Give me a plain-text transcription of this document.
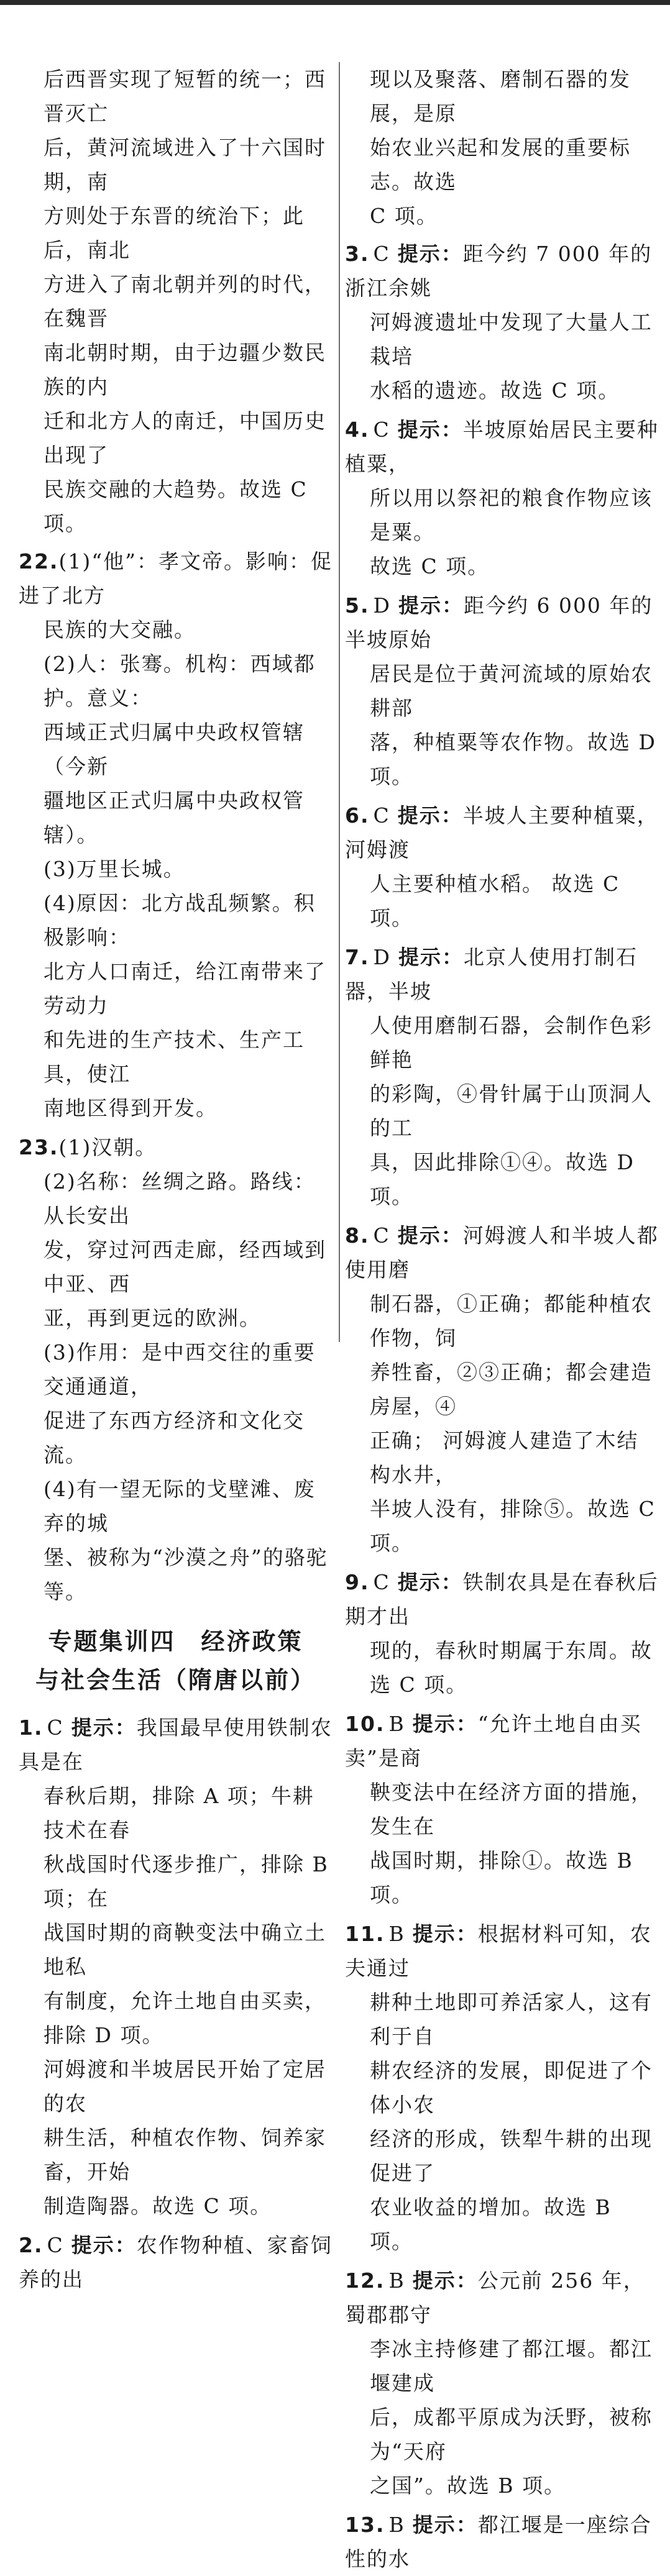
后西晋实现了短暂的统一；西晋灭亡
后，黄河流域进入了十六国时期，南
方则处于东晋的统治下；此后，南北
方进入了南北朝并列的时代，在魏晋
南北朝时期，由于边疆少数民族的内
迁和北方人的南迁，中国历史出现了
民族交融的大趋势。故选 C 项。
22.(1)“他”：孝文帝。影响：促进了北方
民族的大交融。
(2)人：张骞。机构：西域都护。意义：
西域正式归属中央政权管辖（今新
疆地区正式归属中央政权管辖）。
(3)万里长城。
(4)原因：北方战乱频繁。积极影响：
北方人口南迁，给江南带来了劳动力
和先进的生产技术、生产工具，使江
南地区得到开发。
23.(1)汉朝。
(2)名称：丝绸之路。路线：从长安出
发，穿过河西走廊，经西域到中亚、西
亚，再到更远的欧洲。
(3)作用：是中西交往的重要交通通道，
促进了东西方经济和文化交流。
(4)有一望无际的戈壁滩、废弃的城
堡、被称为“沙漠之舟”的骆驼等。
专题集训四　经济政策
与社会生活（隋唐以前）
1. C 提示：我国最早使用铁制农具是在
春秋后期，排除 A 项；牛耕技术在春
秋战国时代逐步推广，排除 B 项；在
战国时期的商鞅变法中确立土地私
有制度，允许土地自由买卖，排除 D 项。
河姆渡和半坡居民开始了定居的农
耕生活，种植农作物、饲养家畜，开始
制造陶器。故选 C 项。
2. C 提示：农作物种植、家畜饲养的出
现以及聚落、磨制石器的发展，是原
始农业兴起和发展的重要标志。故选
C 项。
3. C 提示：距今约 7 000 年的浙江余姚
河姆渡遗址中发现了大量人工栽培
水稻的遗迹。故选 C 项。
4. C 提示：半坡原始居民主要种植粟，
所以用以祭祀的粮食作物应该是粟。
故选 C 项。
5. D 提示：距今约 6 000 年的半坡原始
居民是位于黄河流域的原始农耕部
落，种植粟等农作物。故选 D 项。
6. C 提示：半坡人主要种植粟，河姆渡
人主要种植水稻。 故选 C 项。
7. D 提示：北京人使用打制石器，半坡
人使用磨制石器，会制作色彩鲜艳
的彩陶，④骨针属于山顶洞人的工
具，因此排除①④。故选 D 项。
8. C 提示：河姆渡人和半坡人都使用磨
制石器，①正确；都能种植农作物，饲
养牲畜，②③正确；都会建造房屋，④
正确； 河姆渡人建造了木结构水井，
半坡人没有，排除⑤。故选 C 项。
9. C 提示：铁制农具是在春秋后期才出
现的，春秋时期属于东周。故选 C 项。
10. B 提示：“允许土地自由买卖”是商
鞅变法中在经济方面的措施，发生在
战国时期，排除①。故选 B 项。
11. B 提示：根据材料可知，农夫通过
耕种土地即可养活家人，这有利于自
耕农经济的发展，即促进了个体小农
经济的形成，铁犁牛耕的出现促进了
农业收益的增加。故选 B 项。
12. B 提示：公元前 256 年，蜀郡郡守
李冰主持修建了都江堰。都江堰建成
后，成都平原成为沃野，被称为“天府
之国”。故选 B 项。
13. B 提示：都江堰是一座综合性的水
